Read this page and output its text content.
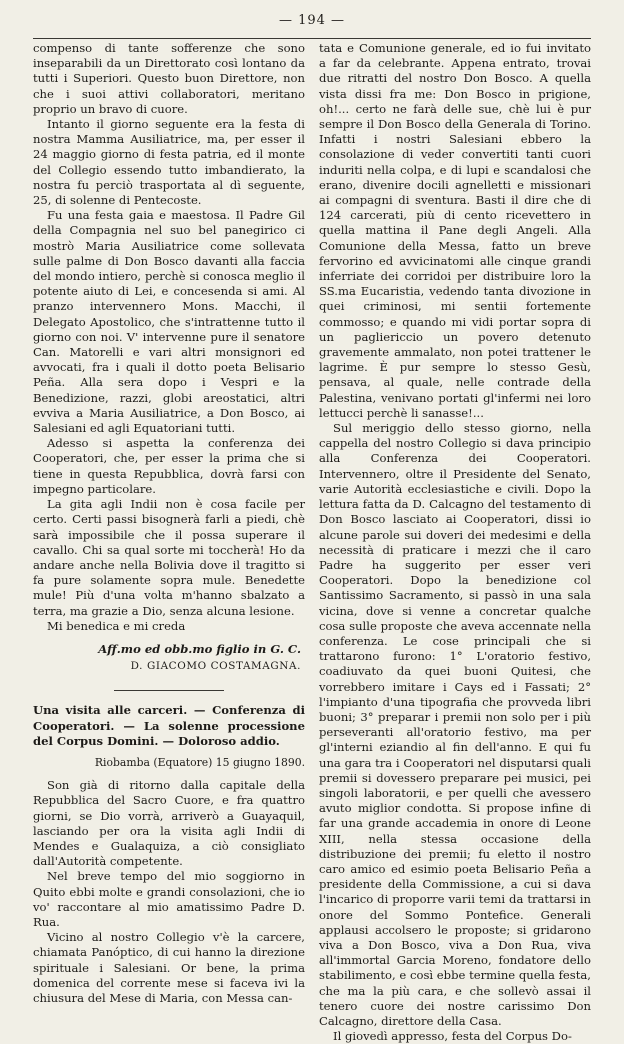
— 194 —

compenso di tante sofferenze che sono inseparabili da un Direttorato così lontano da tutti i Superiori. Questo buon Direttore, non che i suoi attivi collaboratori, meritano proprio un bravo di cuore.

Intanto il giorno seguente era la festa di nostra Mamma Ausiliatrice, ma, per esser il 24 maggio giorno di festa patria, ed il monte del Collegio essendo tutto imbandierato, la nostra fu perciò trasportata al dì seguente, 25, di solenne di Pentecoste.

Fu una festa gaia e maestosa. Il Padre Gil della Compagnia nel suo bel panegirico ci mostrò Maria Ausiliatrice come sollevata sulle palme di Don Bosco davanti alla faccia del mondo intiero, perchè si conosca meglio il potente aiuto di Lei, e concesenda si ami. Al pranzo intervennero Mons. Macchi, il Delegato Apostolico, che s'intrattenne tutto il giorno con noi. V' intervenne pure il senatore Can. Matorelli e vari altri monsignori ed avvocati, fra i quali il dotto poeta Belisario Peña. Alla sera dopo i Vespri e la Benedizione, razzi, globi areostatici, altri evviva a Maria Ausiliatrice, a Don Bosco, ai Salesiani ed agli Equatoriani tutti.

Adesso si aspetta la conferenza dei Cooperatori, che, per esser la prima che si tiene in questa Repubblica, dovrà farsi con impegno particolare.

La gita agli Indii non è cosa facile per certo. Certi passi bisognerà farli a piedi, chè sarà impossibile che il possa superare il cavallo. Chi sa qual sorte mi toccherà! Ho da andare anche nella Bolivia dove il tragitto si fa pure solamente sopra mule. Benedette mule! Più d'una volta m'hanno sbalzato a terra, ma grazie a Dio, senza alcuna lesione.

Mi benedica e mi creda

Aff.mo ed obb.mo figlio in G. C.
D. GIACOMO COSTAMAGNA.

Una visita alle carceri. — Conferenza di Cooperatori. — La solenne processione del Corpus Domini. — Doloroso addio.

Riobamba (Equatore) 15 giugno 1890.

Son già di ritorno dalla capitale della Repubblica del Sacro Cuore, e fra quattro giorni, se Dio vorrà, arriverò a Guayaquil, lasciando per ora la visita agli Indii di Mendes e Gualaquiza, a ciò consigliato dall'Autorità competente.

Nel breve tempo del mio soggiorno in Quito ebbi molte e grandi consolazioni, che io vo' raccontare al mio amatissimo Padre D. Rua.

Vicino al nostro Collegio v'è la carcere, chiamata Panóptico, di cui hanno la direzione spirituale i Salesiani. Or bene, la prima domenica del corrente mese si faceva ivi la chiusura del Mese di Maria, con Messa can-

tata e Comunione generale, ed io fui invitato a far da celebrante. Appena entrato, trovai due ritratti del nostro Don Bosco. A quella vista dissi fra me: Don Bosco in prigione, oh!... certo ne farà delle sue, chè lui è pur sempre il Don Bosco della Generala di Torino. Infatti i nostri Salesiani ebbero la consolazione di veder convertiti tanti cuori induriti nella colpa, e di lupi e scandalosi che erano, divenire docili agnelletti e missionari ai compagni di sventura. Basti il dire che di 124 carcerati, più di cento ricevettero in quella mattina il Pane degli Angeli. Alla Comunione della Messa, fatto un breve fervorino ed avvicinatomi alle cinque grandi inferriate dei corridoi per distribuire loro la SS.ma Eucaristia, vedendo tanta divozione in quei criminosi, mi sentii fortemente commosso; e quando mi vidi portar sopra di un pagliericcio un povero detenuto gravemente ammalato, non potei trattener le lagrime. È pur sempre lo stesso Gesù, pensava, al quale, nelle contrade della Palestina, venivano portati gl'infermi nei loro lettucci perchè li sanasse!...

Sul meriggio dello stesso giorno, nella cappella del nostro Collegio si dava principio alla Conferenza dei Cooperatori. Intervennero, oltre il Presidente del Senato, varie Autorità ecclesiastiche e civili. Dopo la lettura fatta da D. Calcagno del testamento di Don Bosco lasciato ai Cooperatori, dissi io alcune parole sui doveri dei medesimi e della necessità di praticare i mezzi che il caro Padre ha suggerito per esser veri Cooperatori. Dopo la benedizione col Santissimo Sacramento, si passò in una sala vicina, dove si venne a concretar qualche cosa sulle proposte che aveva accennate nella conferenza. Le cose principali che si trattarono furono: 1° L'oratorio festivo, coadiuvato da quei buoni Quitesi, che vorrebbero imitare i Cays ed i Fassati; 2° l'impianto d'una tipografia che provveda libri buoni; 3° preparar i premii non solo per i più perseveranti all'oratorio festivo, ma per gl'interni eziandio al fin dell'anno. E qui fu una gara tra i Cooperatori nel disputarsi quali premii si dovessero preparare pei musici, pei singoli laboratorii, e per quelli che avessero avuto miglior condotta. Si propose infine di far una grande accademia in onore di Leone XIII, nella stessa occasione della distribuzione dei premii; fu eletto il nostro caro amico ed esimio poeta Belisario Peña a presidente della Commissione, a cui si dava l'incarico di proporre varii temi da trattarsi in onore del Sommo Pontefice. Generali applausi accolsero le proposte; si gridarono viva a Don Bosco, viva a Don Rua, viva all'immortal Garcia Moreno, fondatore dello stabilimento, e così ebbe termine quella festa, che ma la più cara, e che sollevò assai il tenero cuore dei nostre carissimo Don Calcagno, direttore della Casa.

Il giovedì appresso, festa del Corpus Do-
